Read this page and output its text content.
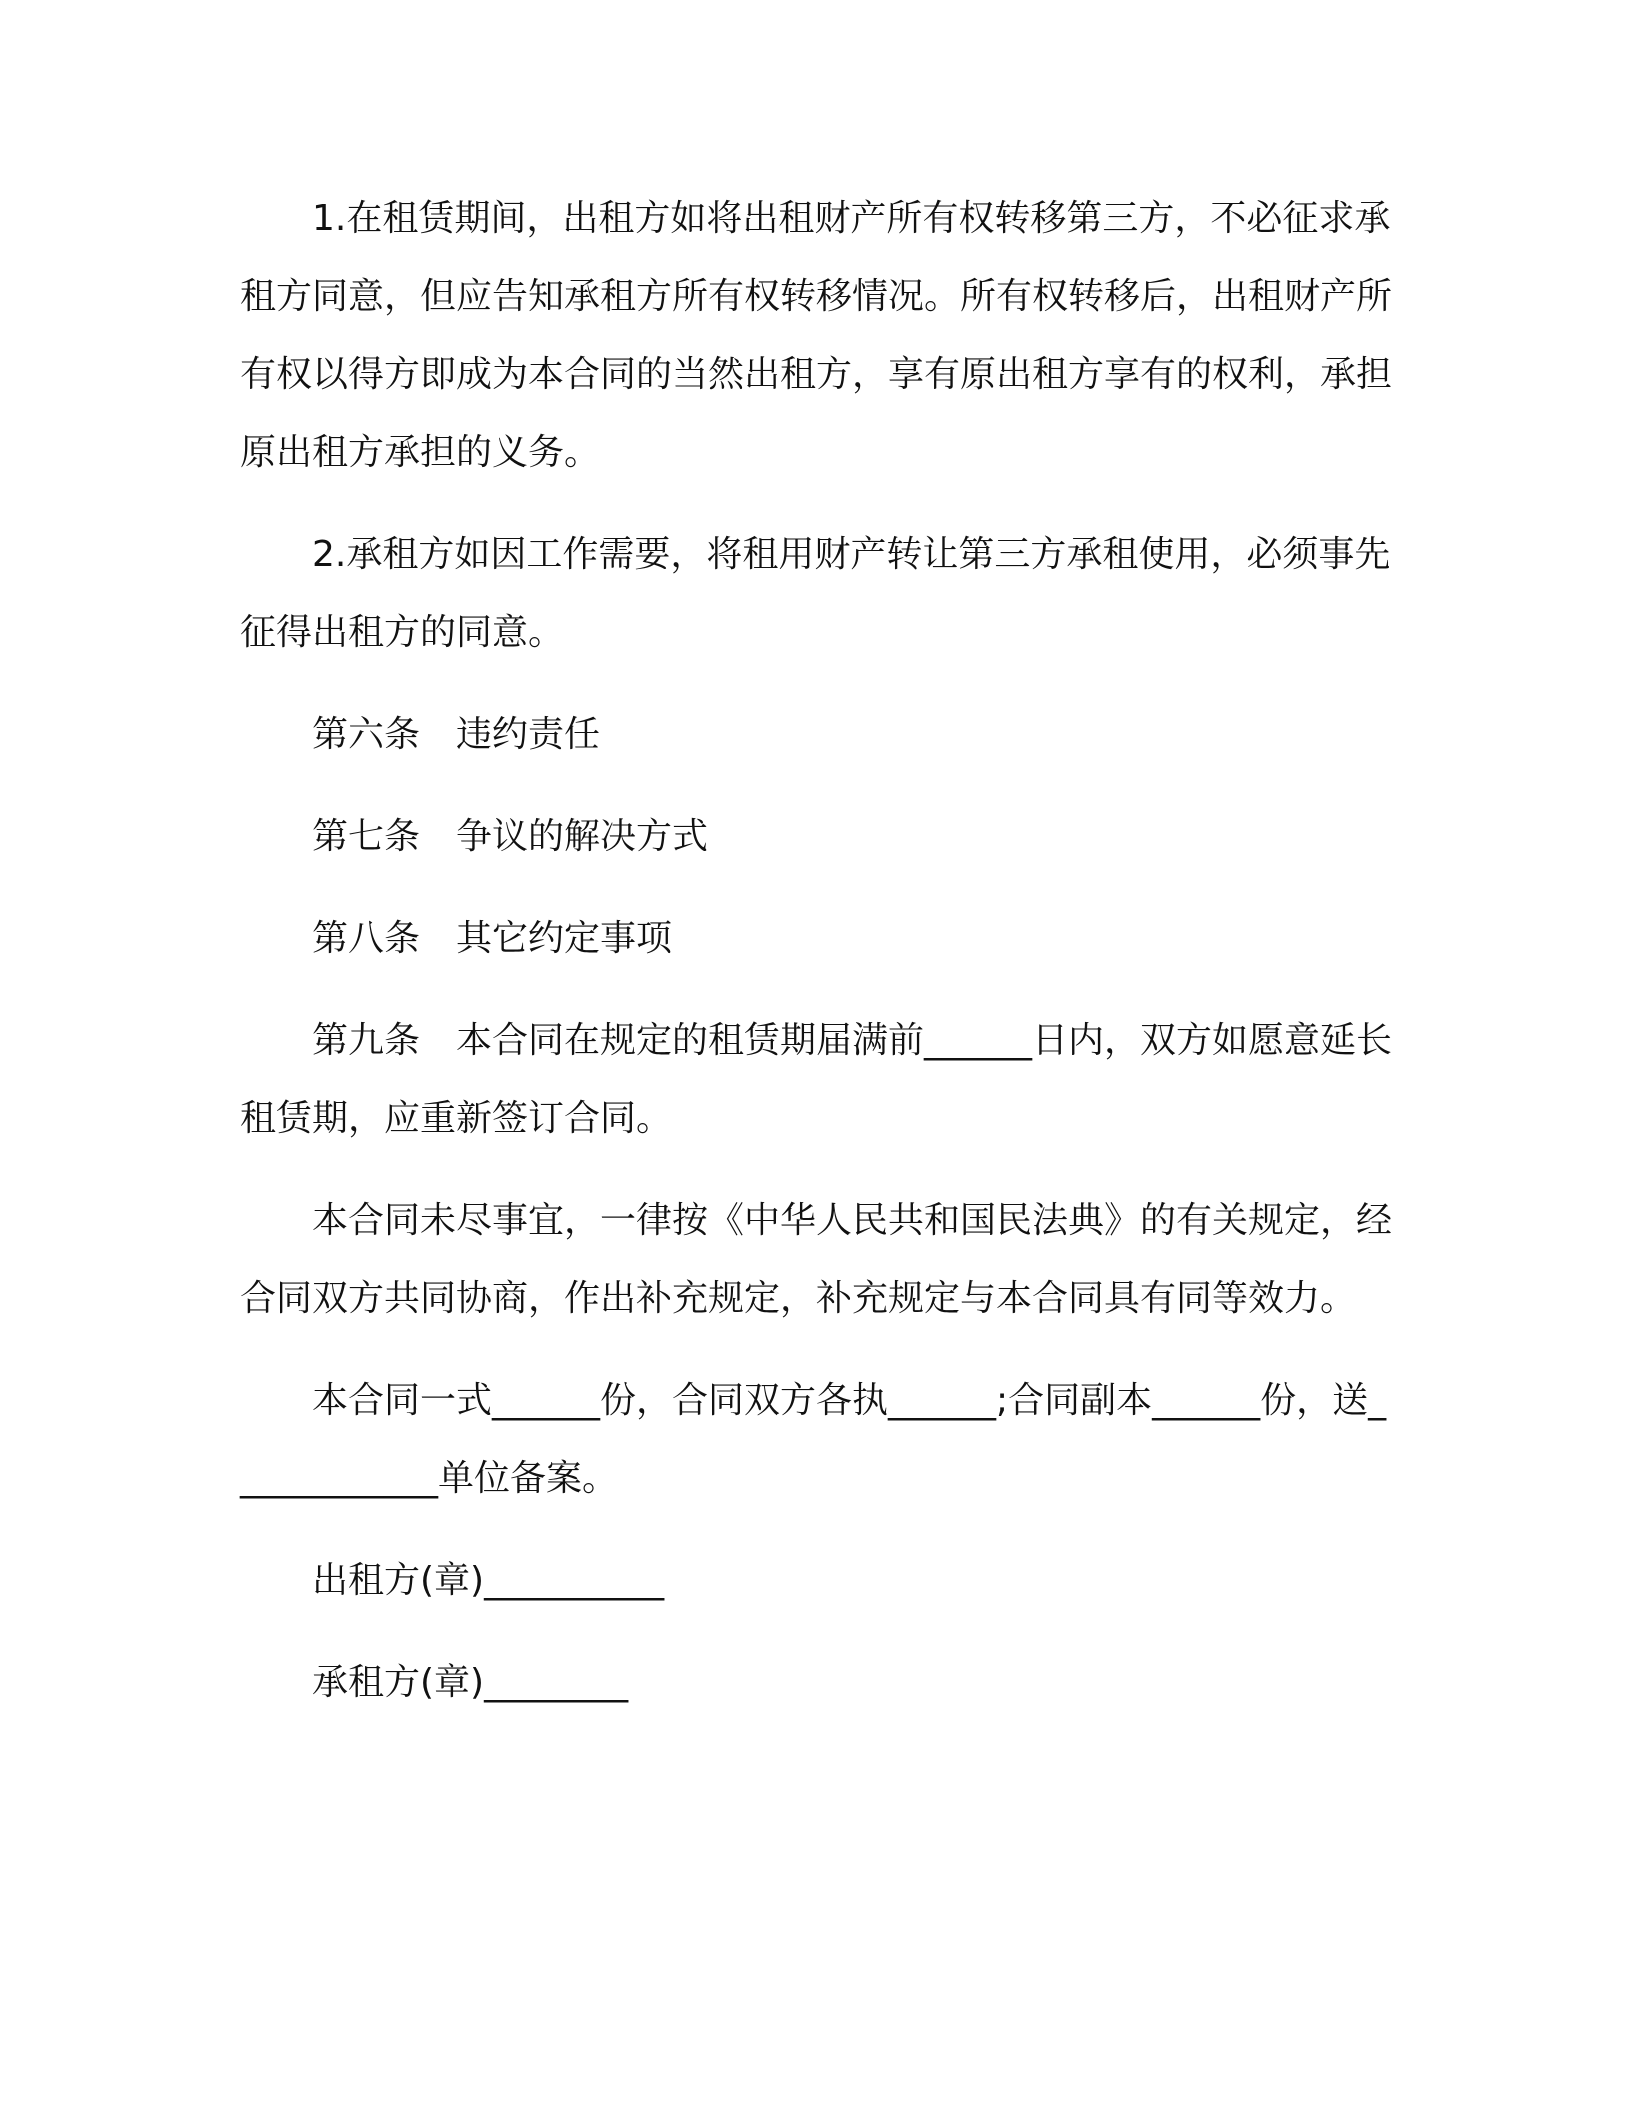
1.在租赁期间，出租方如将出租财产所有权转移第三方，不必征求承租方同意，但应告知承租方所有权转移情况。所有权转移后，出租财产所有权以得方即成为本合同的当然出租方，享有原出租方享有的权利，承担原出租方承担的义务。

2.承租方如因工作需要，将租用财产转让第三方承租使用，必须事先征得出租方的同意。

第六条　违约责任

第七条　争议的解决方式

第八条　其它约定事项

第九条　本合同在规定的租赁期届满前______日内，双方如愿意延长租赁期，应重新签订合同。

本合同未尽事宜，一律按《中华人民共和国民法典》的有关规定，经合同双方共同协商，作出补充规定，补充规定与本合同具有同等效力。

本合同一式______份，合同双方各执______;合同副本______份，送____________单位备案。

出租方(章)__________

承租方(章)________
